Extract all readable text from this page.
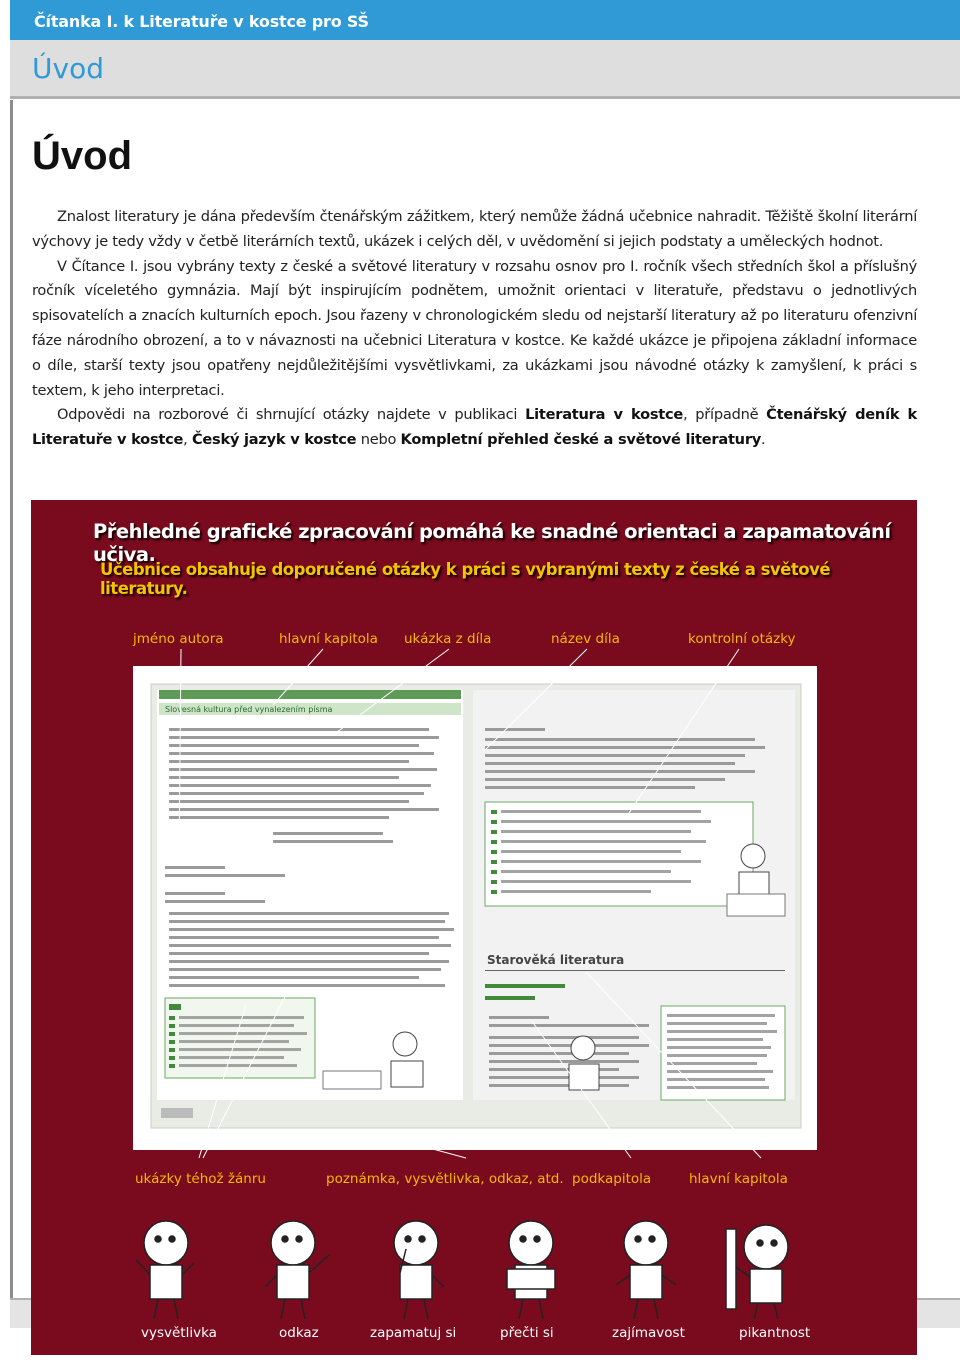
Čítanka I. k Literatuře v kostce pro SŠ
Úvod
Úvod

Znalost literatury je dána především čtenářským zážitkem, který nemůže žádná učebnice nahradit. Těžiště školní literární výchovy je tedy vždy v četbě literárních textů, ukázek i celých děl, v uvědomění si jejich podstaty a uměleckých hodnot.
V Čítance I. jsou vybrány texty z české a světové literatury v rozsahu osnov pro I. ročník všech středních škol a příslušný ročník víceletého gymnázia. Mají být inspirujícím podnětem, umožnit orientaci v literatuře, představu o jednotlivých spisovatelích a znacích kulturních epoch. Jsou řazeny v chronologickém sledu od nejstarší literatury až po literaturu ofenzivní fáze národního obrození, a to v návaznosti na učebnici Literatura v kostce. Ke každé ukázce je připojena základní informace o díle, starší texty jsou opatřeny nejdůležitějšími vysvětlivkami, za ukázkami jsou návodné otázky k zamyšlení, k práci s textem, k jeho interpretaci.

Odpovědi na rozborové či shrnující otázky najdete v publikaci Literatura v kostce, případně Čtenářský deník k Literatuře v kostce, Český jazyk v kostce nebo Kompletní přehled české a světové literatury.

Přehledné grafické zpracování pomáhá ke snadné orientaci a zapamatování učiva.
Učebnice obsahuje doporučené otázky k práci s vybranými texty z české a světové literatury.
jméno autora	hlavní kapitola ukázka z díla	název díla	kontrolní otázky
Slovesná kultura před vynalezením písma
Starověká literatura
ukázky téhož žánru	poznámka, vysvětlivka, odkaz, atd. podkapitola	hlavní kapitola
vysvětlivka	odkaz	zapamatuj si	přečti si	zajímavost	pikantnost
